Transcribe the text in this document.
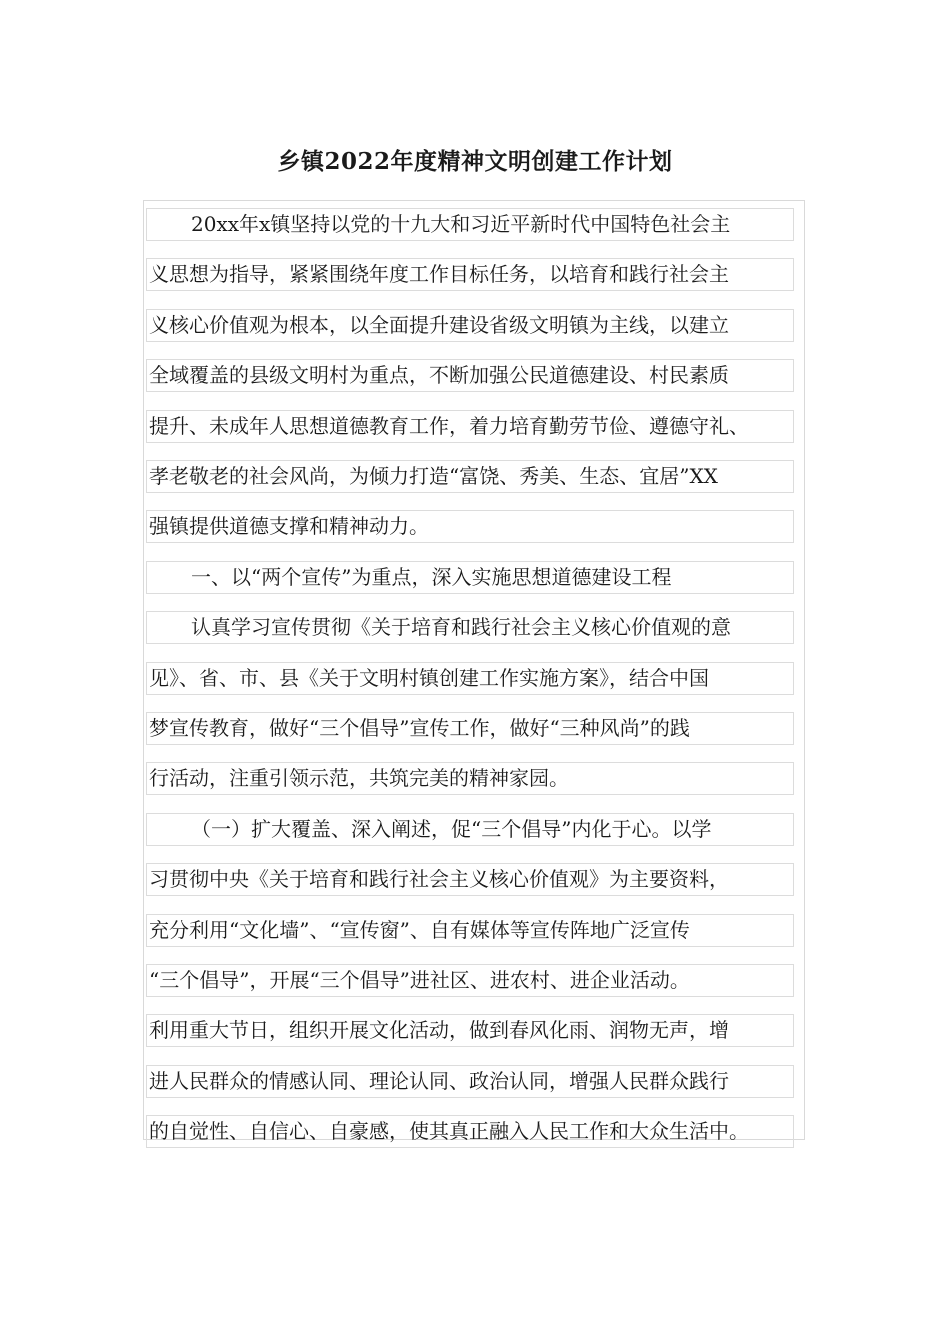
乡镇2022年度精神文明创建工作计划
20xx年x镇坚持以党的十九大和习近平新时代中国特色社会主
义思想为指导，紧紧围绕年度工作目标任务，以培育和践行社会主
义核心价值观为根本，以全面提升建设省级文明镇为主线，以建立
全域覆盖的县级文明村为重点，不断加强公民道德建设、村民素质
提升、未成年人思想道德教育工作，着力培育勤劳节俭、遵德守礼、
孝老敬老的社会风尚，为倾力打造“富饶、秀美、生态、宜居”XX
强镇提供道德支撑和精神动力。
一、以“两个宣传”为重点，深入实施思想道德建设工程
认真学习宣传贯彻《关于培育和践行社会主义核心价值观的意
见》、省、市、县《关于文明村镇创建工作实施方案》，结合中国
梦宣传教育，做好“三个倡导”宣传工作，做好“三种风尚”的践
行活动，注重引领示范，共筑完美的精神家园。
（一）扩大覆盖、深入阐述，促“三个倡导”内化于心。以学
习贯彻中央《关于培育和践行社会主义核心价值观》为主要资料，
充分利用“文化墙”、“宣传窗”、自有媒体等宣传阵地广泛宣传
“三个倡导”，开展“三个倡导”进社区、进农村、进企业活动。
利用重大节日，组织开展文化活动，做到春风化雨、润物无声，增
进人民群众的情感认同、理论认同、政治认同，增强人民群众践行
的自觉性、自信心、自豪感，使其真正融入人民工作和大众生活中。
